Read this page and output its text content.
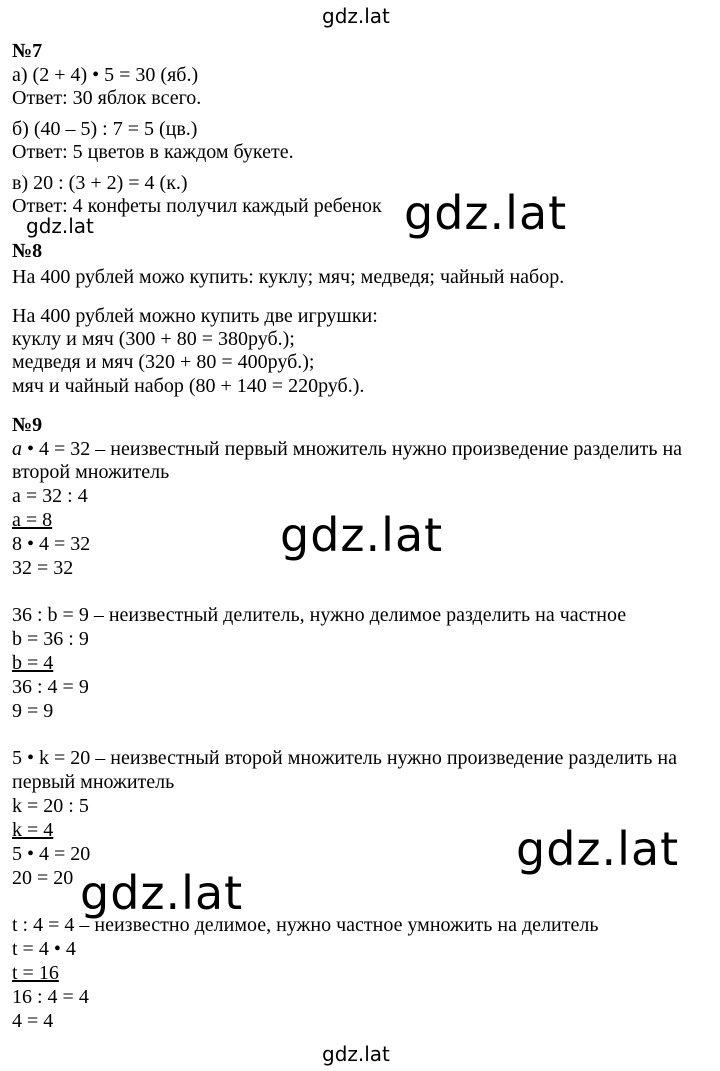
gdz.lat
gdz.lat
gdz.lat
gdz.lat
gdz.lat
gdz.lat
gdz.lat
№7
а) (2 + 4) • 5 = 30 (яб.)
Ответ: 30 яблок всего.
б) (40 – 5) : 7 = 5 (цв.)
Ответ: 5 цветов в каждом букете.
в) 20 : (3 + 2) = 4 (к.)
Ответ: 4 конфеты получил каждый ребенок
№8
На 400 рублей можо купить: куклу; мяч; медведя; чайный набор.
На 400 рублей можно купить две игрушки:
куклу и мяч (300 + 80 = 380руб.);
медведя и мяч (320 + 80 = 400руб.);
мяч и чайный набор (80 + 140 = 220руб.).
№9
a • 4 = 32 – неизвестный первый множитель нужно произведение разделить на
второй множитель
a = 32 : 4
a = 8
8 • 4 = 32
32 = 32
36 : b = 9 – неизвестный делитель, нужно делимое разделить на частное
b = 36 : 9
b = 4
36 : 4 = 9
9 = 9
5 • k = 20 – неизвестный второй множитель нужно произведение разделить на
первый множитель
k = 20 : 5
k = 4
5 • 4 = 20
20 = 20
t : 4 = 4 – неизвестно делимое, нужно частное умножить на делитель
t = 4 • 4
t = 16
16 : 4 = 4
4 = 4
